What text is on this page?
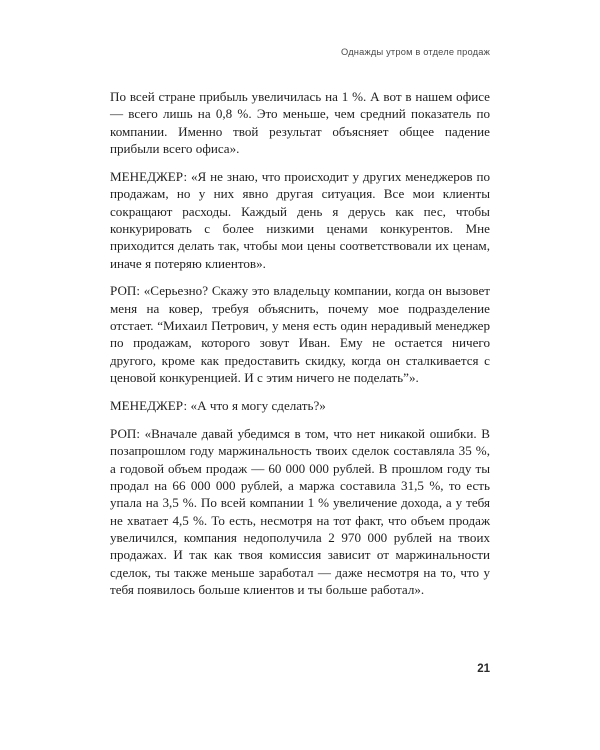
Однажды утром в отделе продаж

По всей стране прибыль увеличилась на 1 %. А вот в нашем офисе — всего лишь на 0,8 %. Это меньше, чем средний показатель по компании. Именно твой результат объясняет общее падение прибыли всего офиса».

МЕНЕДЖЕР: «Я не знаю, что происходит у других менеджеров по продажам, но у них явно другая ситуация. Все мои клиенты сокращают расходы. Каждый день я дерусь как пес, чтобы конкурировать с более низкими ценами конкурентов. Мне приходится делать так, чтобы мои цены соответствовали их ценам, иначе я потеряю клиентов».

РОП: «Серьезно? Скажу это владельцу компании, когда он вызовет меня на ковер, требуя объяснить, почему мое подразделение отстает. “Михаил Петрович, у меня есть один нерадивый менеджер по продажам, которого зовут Иван. Ему не остается ничего другого, кроме как предоставить скидку, когда он сталкивается с ценовой конкуренцией. И с этим ничего не поделать”».

МЕНЕДЖЕР: «А что я могу сделать?»

РОП: «Вначале давай убедимся в том, что нет никакой ошибки. В позапрошлом году маржинальность твоих сделок составляла 35 %, а годовой объем продаж — 60 000 000 рублей. В прошлом году ты продал на 66 000 000 рублей, а маржа составила 31,5 %, то есть упала на 3,5 %. По всей компании 1 % увеличение дохода, а у тебя не хватает 4,5 %. То есть, несмотря на тот факт, что объем продаж увеличился, компания недополучила 2 970 000 рублей на твоих продажах. И так как твоя комиссия зависит от маржинальности сделок, ты также меньше заработал — даже несмотря на то, что у тебя появилось больше клиентов и ты больше работал».

21
